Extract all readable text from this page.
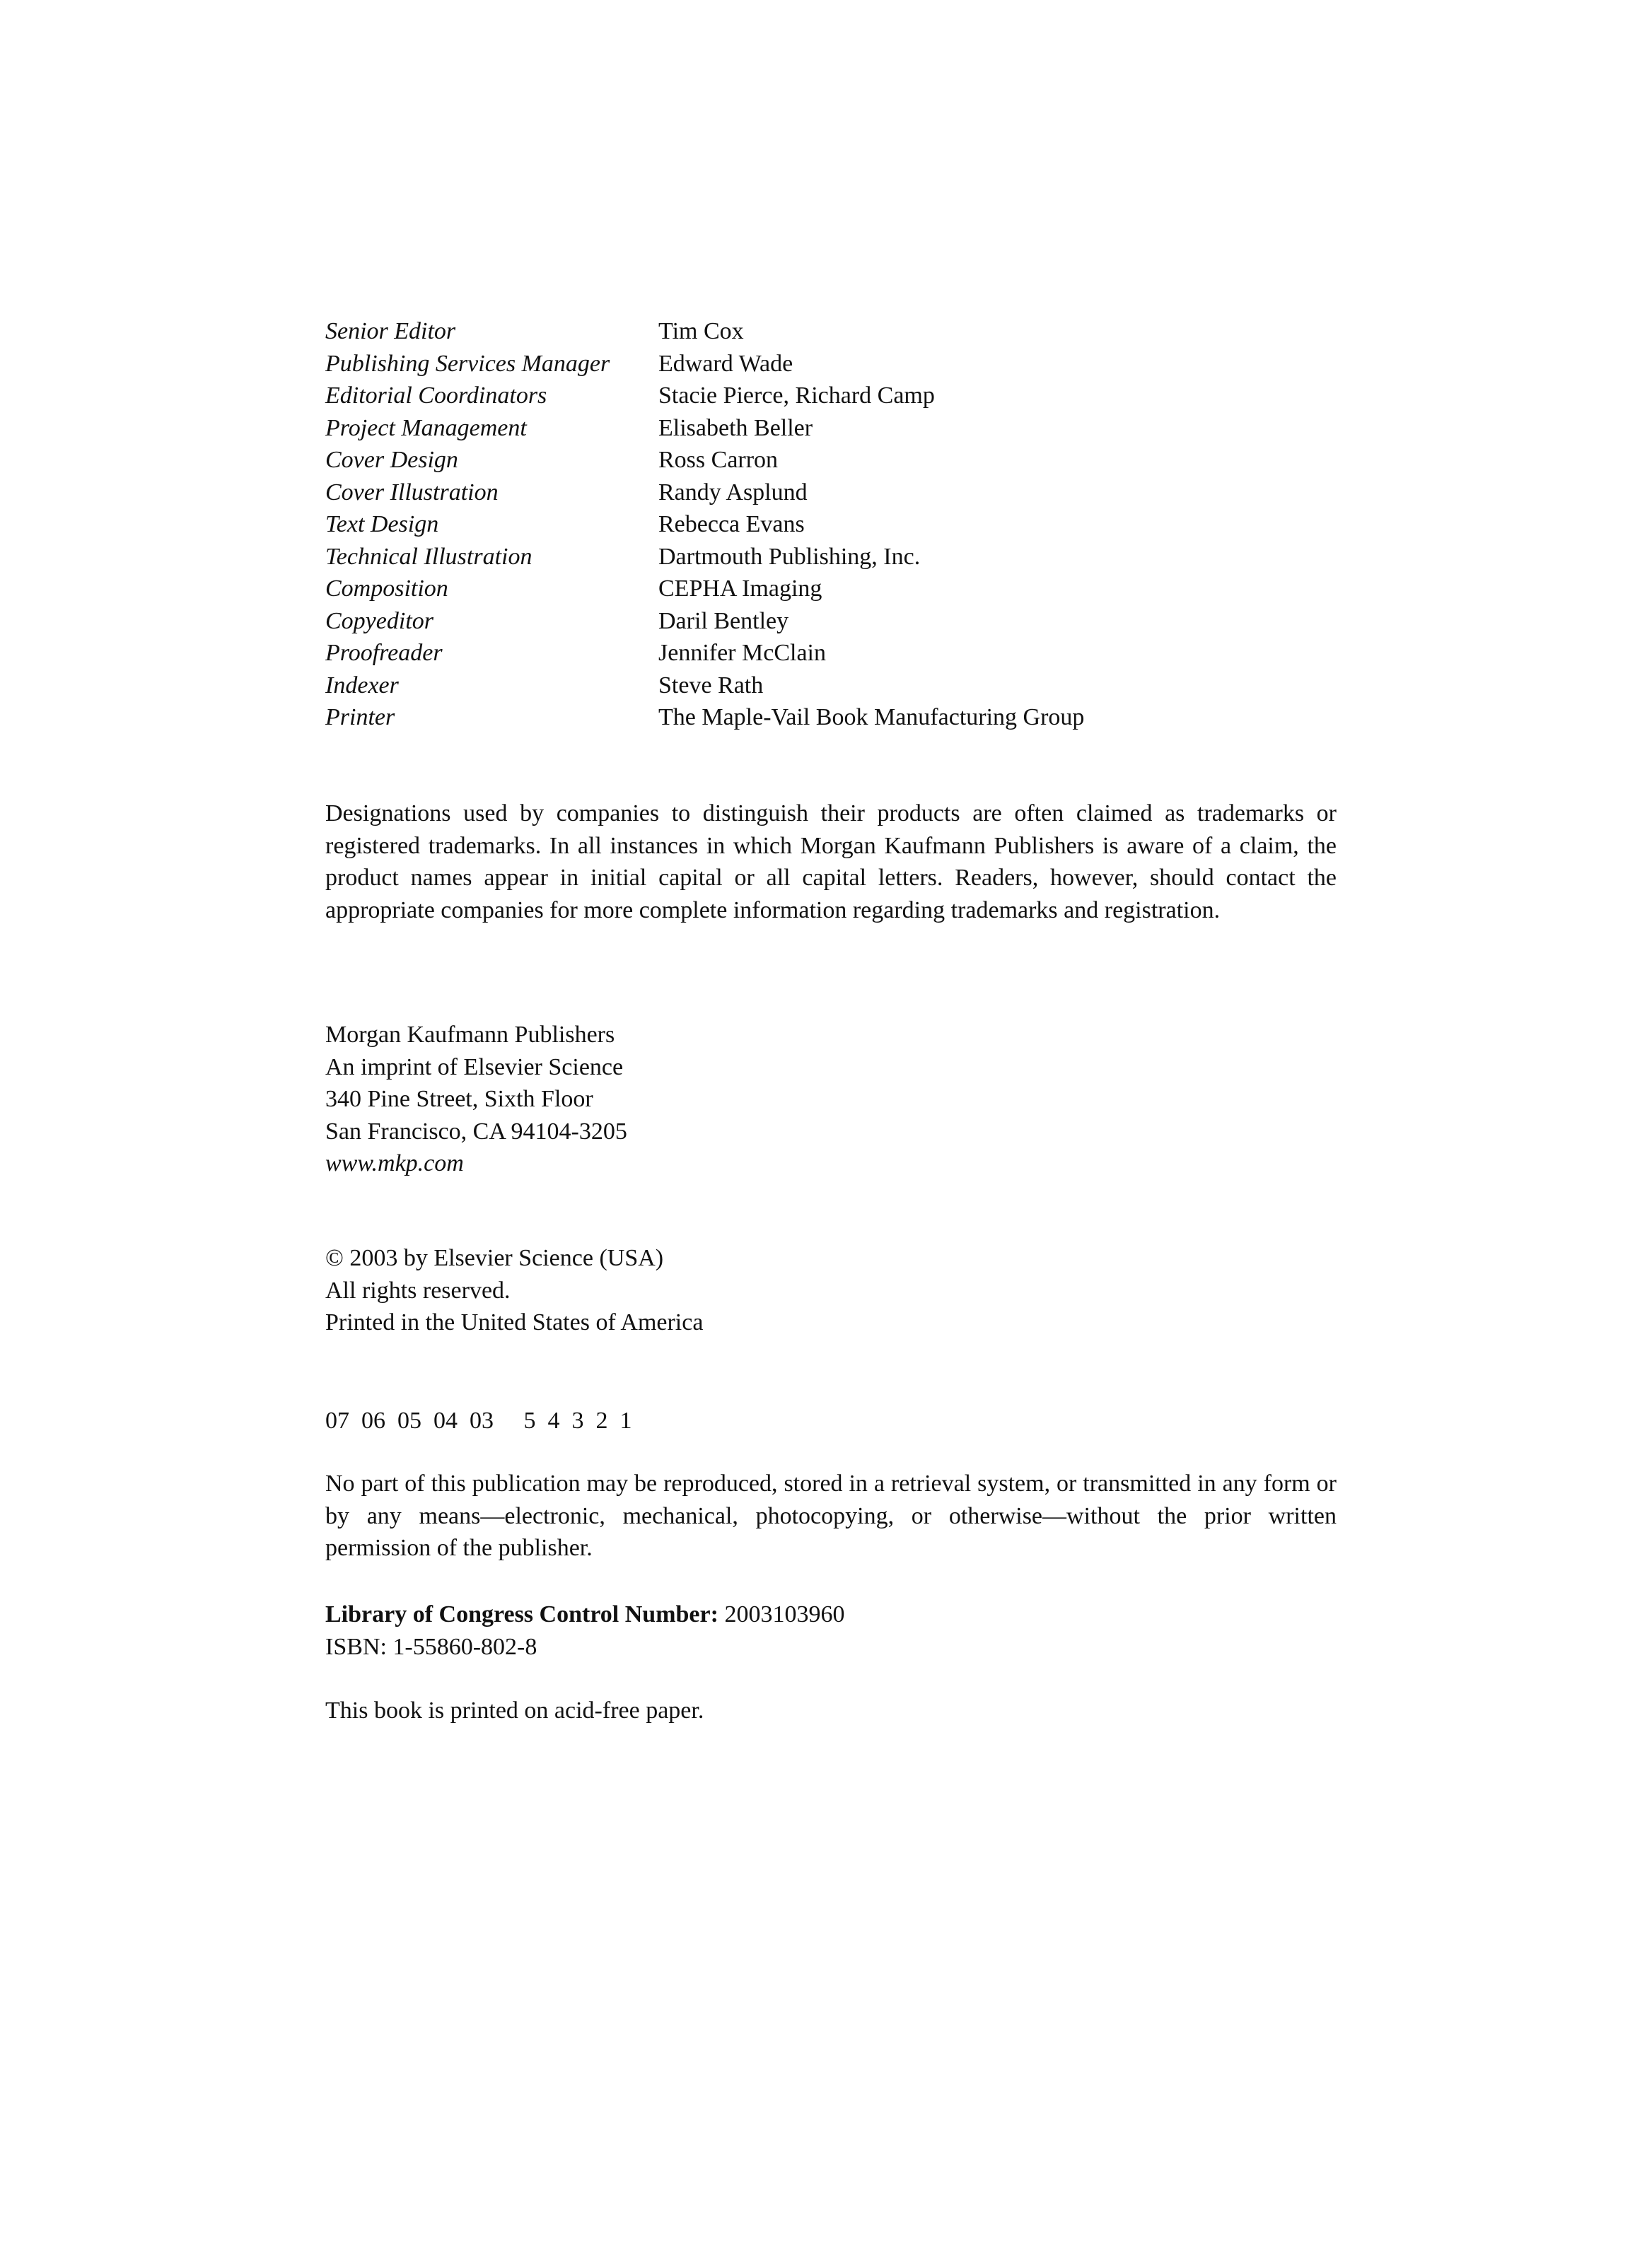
Senior Editor	Tim Cox
Publishing Services Manager	Edward Wade
Editorial Coordinators	Stacie Pierce, Richard Camp
Project Management	Elisabeth Beller
Cover Design	Ross Carron
Cover Illustration	Randy Asplund
Text Design	Rebecca Evans
Technical Illustration	Dartmouth Publishing, Inc.
Composition	CEPHA Imaging
Copyeditor	Daril Bentley
Proofreader	Jennifer McClain
Indexer	Steve Rath
Printer	The Maple-Vail Book Manufacturing Group

Designations used by companies to distinguish their products are often claimed as trademarks or registered trademarks. In all instances in which Morgan Kaufmann Publishers is aware of a claim, the product names appear in initial capital or all capital letters. Readers, however, should contact the appropriate companies for more complete information regarding trademarks and registration.

Morgan Kaufmann Publishers
An imprint of Elsevier Science
340 Pine Street, Sixth Floor
San Francisco, CA 94104-3205
www.mkp.com
© 2003 by Elsevier Science (USA)
All rights reserved.
Printed in the United States of America
07  06  05  04  03     5  4  3  2  1

No part of this publication may be reproduced, stored in a retrieval system, or transmitted in any form or by any means—electronic, mechanical, photocopying, or otherwise—without the prior written permission of the publisher.

Library of Congress Control Number: 2003103960
ISBN: 1-55860-802-8
This book is printed on acid-free paper.
